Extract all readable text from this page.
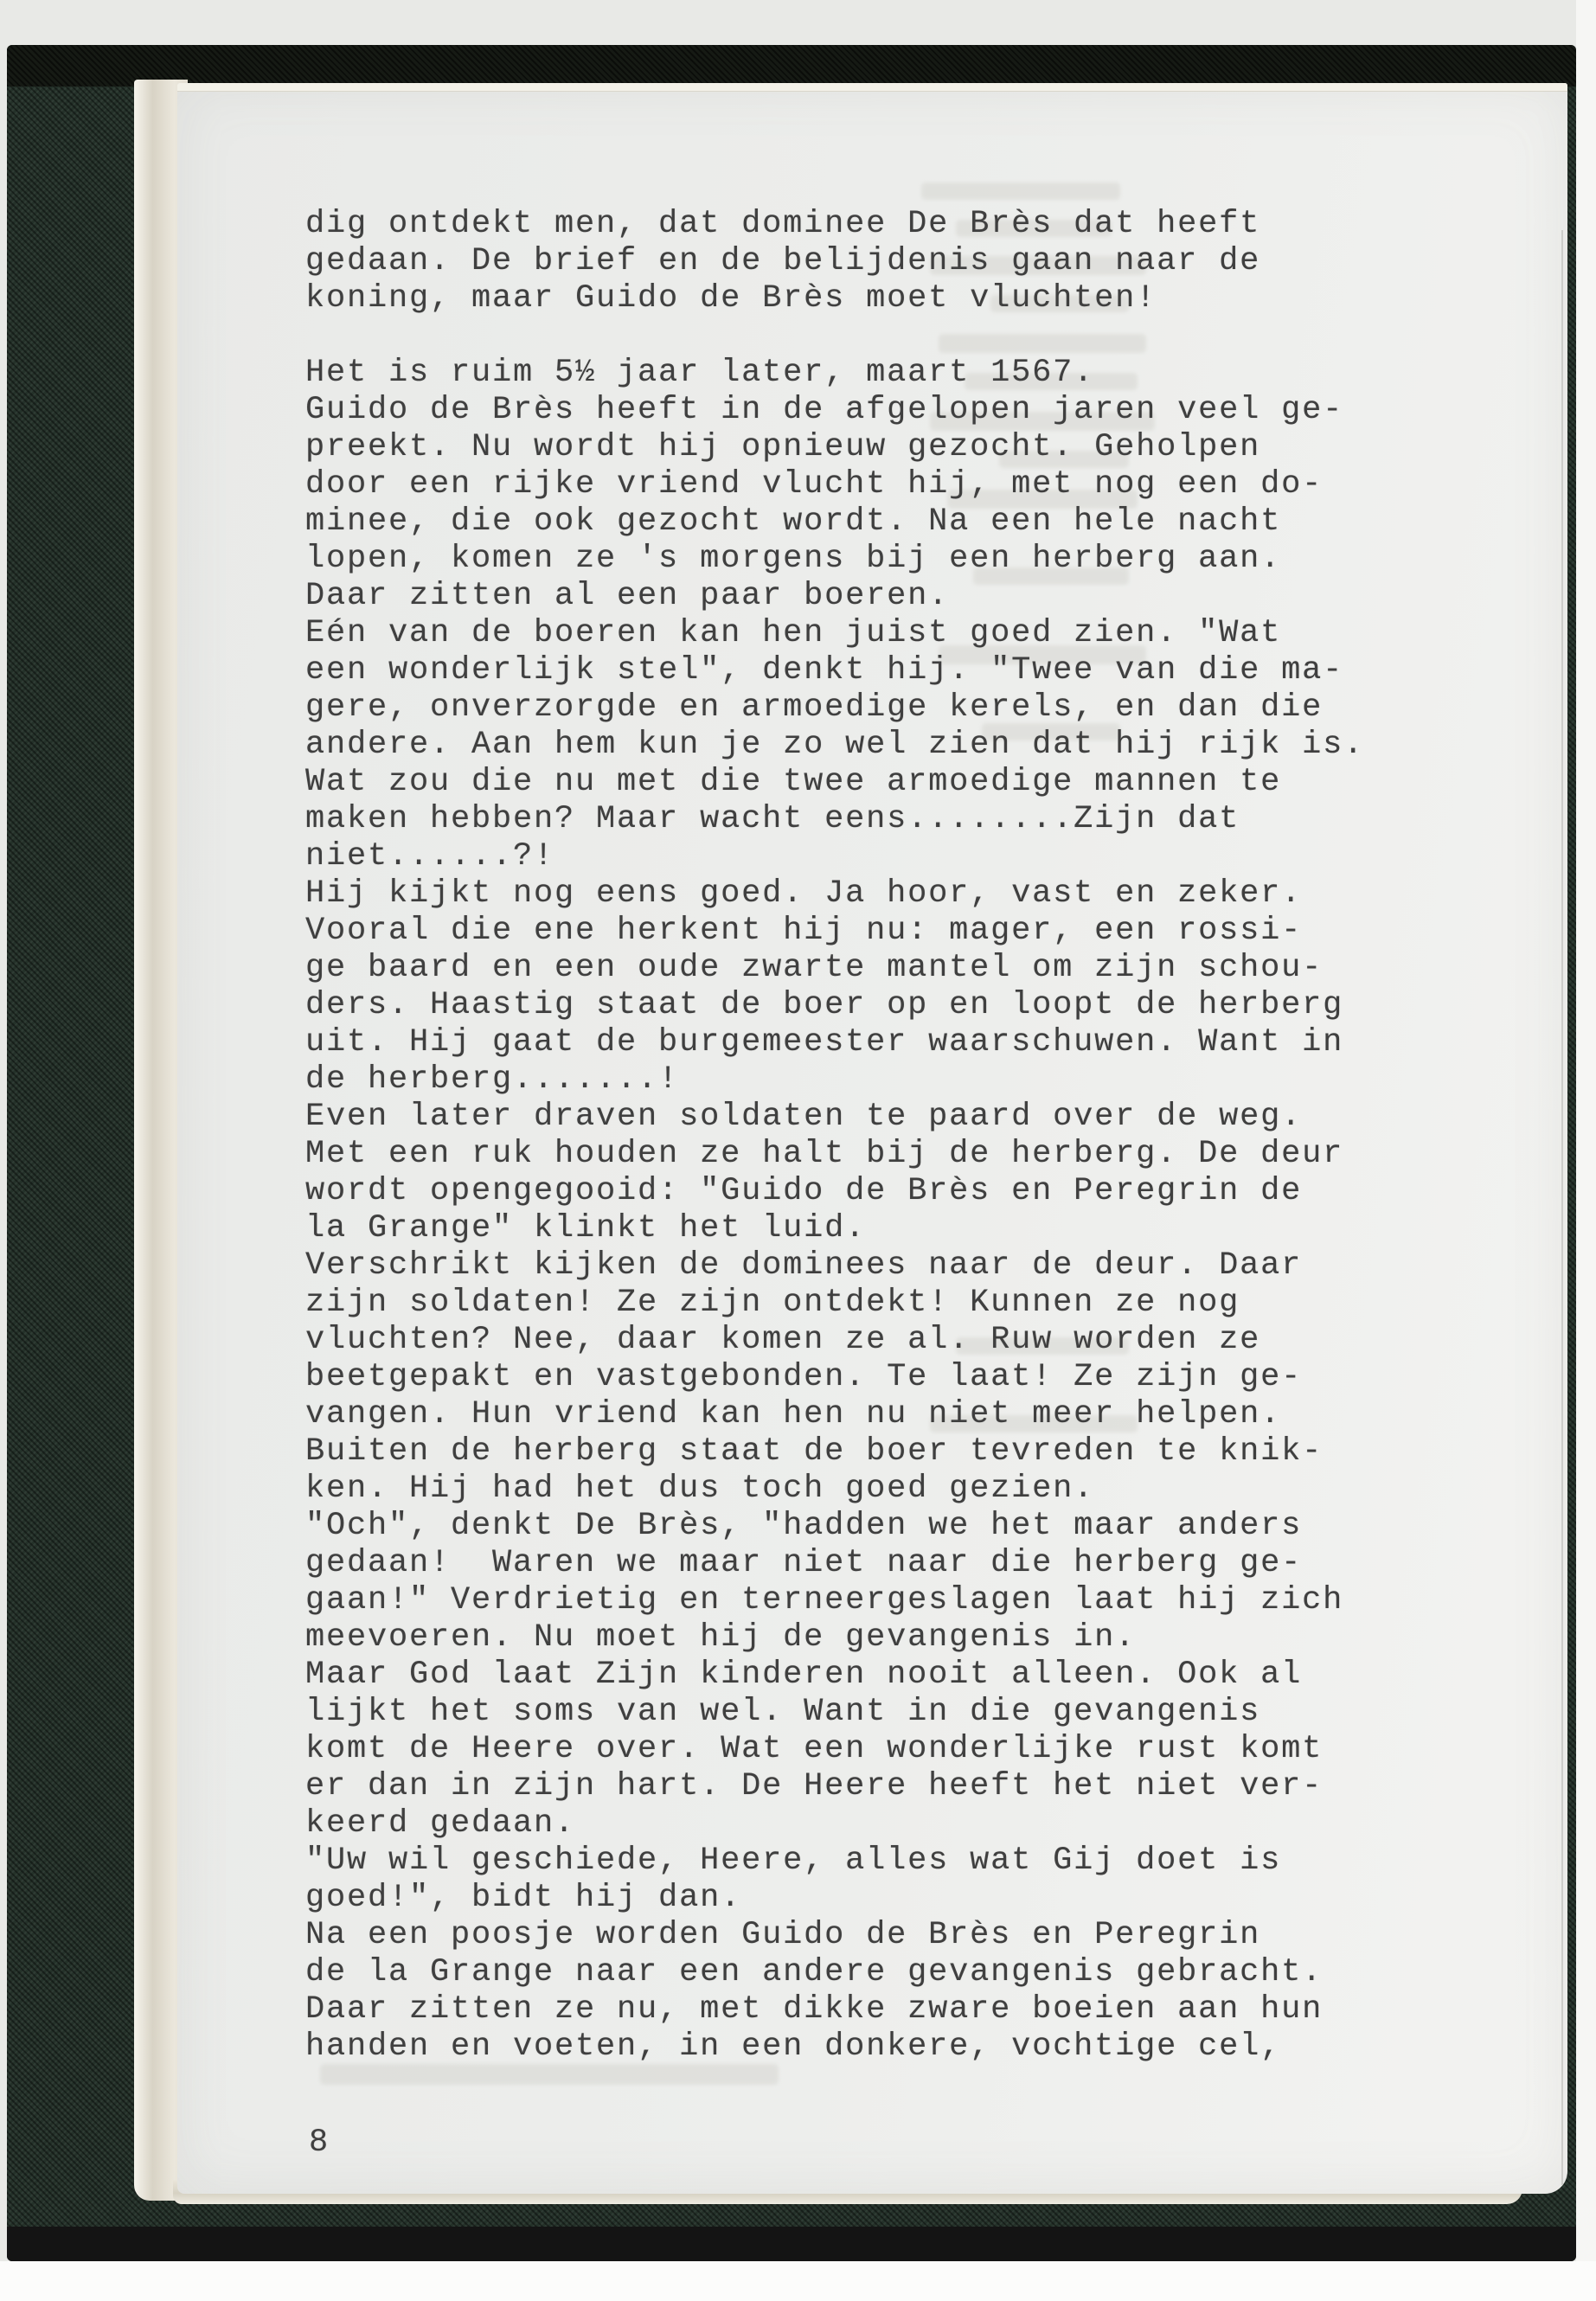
dig ontdekt men, dat dominee De Brès dat heeft
gedaan. De brief en de belijdenis gaan naar de
koning, maar Guido de Brès moet vluchten!
Het is ruim 5½ jaar later, maart 1567.
Guido de Brès heeft in de afgelopen jaren veel ge-
preekt. Nu wordt hij opnieuw gezocht. Geholpen
door een rijke vriend vlucht hij, met nog een do-
minee, die ook gezocht wordt. Na een hele nacht
lopen, komen ze 's morgens bij een herberg aan.
Daar zitten al een paar boeren.
Eén van de boeren kan hen juist goed zien. "Wat
een wonderlijk stel", denkt hij. "Twee van die ma-
gere, onverzorgde en armoedige kerels, en dan die
andere. Aan hem kun je zo wel zien dat hij rijk is.
Wat zou die nu met die twee armoedige mannen te
maken hebben? Maar wacht eens........Zijn dat
niet......?!
Hij kijkt nog eens goed. Ja hoor, vast en zeker.
Vooral die ene herkent hij nu: mager, een rossi-
ge baard en een oude zwarte mantel om zijn schou-
ders. Haastig staat de boer op en loopt de herberg
uit. Hij gaat de burgemeester waarschuwen. Want in
de herberg.......!
Even later draven soldaten te paard over de weg.
Met een ruk houden ze halt bij de herberg. De deur
wordt opengegooid: "Guido de Brès en Peregrin de
la Grange" klinkt het luid.
Verschrikt kijken de dominees naar de deur. Daar
zijn soldaten! Ze zijn ontdekt! Kunnen ze nog
vluchten? Nee, daar komen ze al. Ruw worden ze
beetgepakt en vastgebonden. Te laat! Ze zijn ge-
vangen. Hun vriend kan hen nu niet meer helpen.
Buiten de herberg staat de boer tevreden te knik-
ken. Hij had het dus toch goed gezien.
"Och", denkt De Brès, "hadden we het maar anders
gedaan!  Waren we maar niet naar die herberg ge-
gaan!" Verdrietig en terneergeslagen laat hij zich
meevoeren. Nu moet hij de gevangenis in.
Maar God laat Zijn kinderen nooit alleen. Ook al
lijkt het soms van wel. Want in die gevangenis
komt de Heere over. Wat een wonderlijke rust komt
er dan in zijn hart. De Heere heeft het niet ver-
keerd gedaan.
"Uw wil geschiede, Heere, alles wat Gij doet is
goed!", bidt hij dan.
Na een poosje worden Guido de Brès en Peregrin
de la Grange naar een andere gevangenis gebracht.
Daar zitten ze nu, met dikke zware boeien aan hun
handen en voeten, in een donkere, vochtige cel,
8
